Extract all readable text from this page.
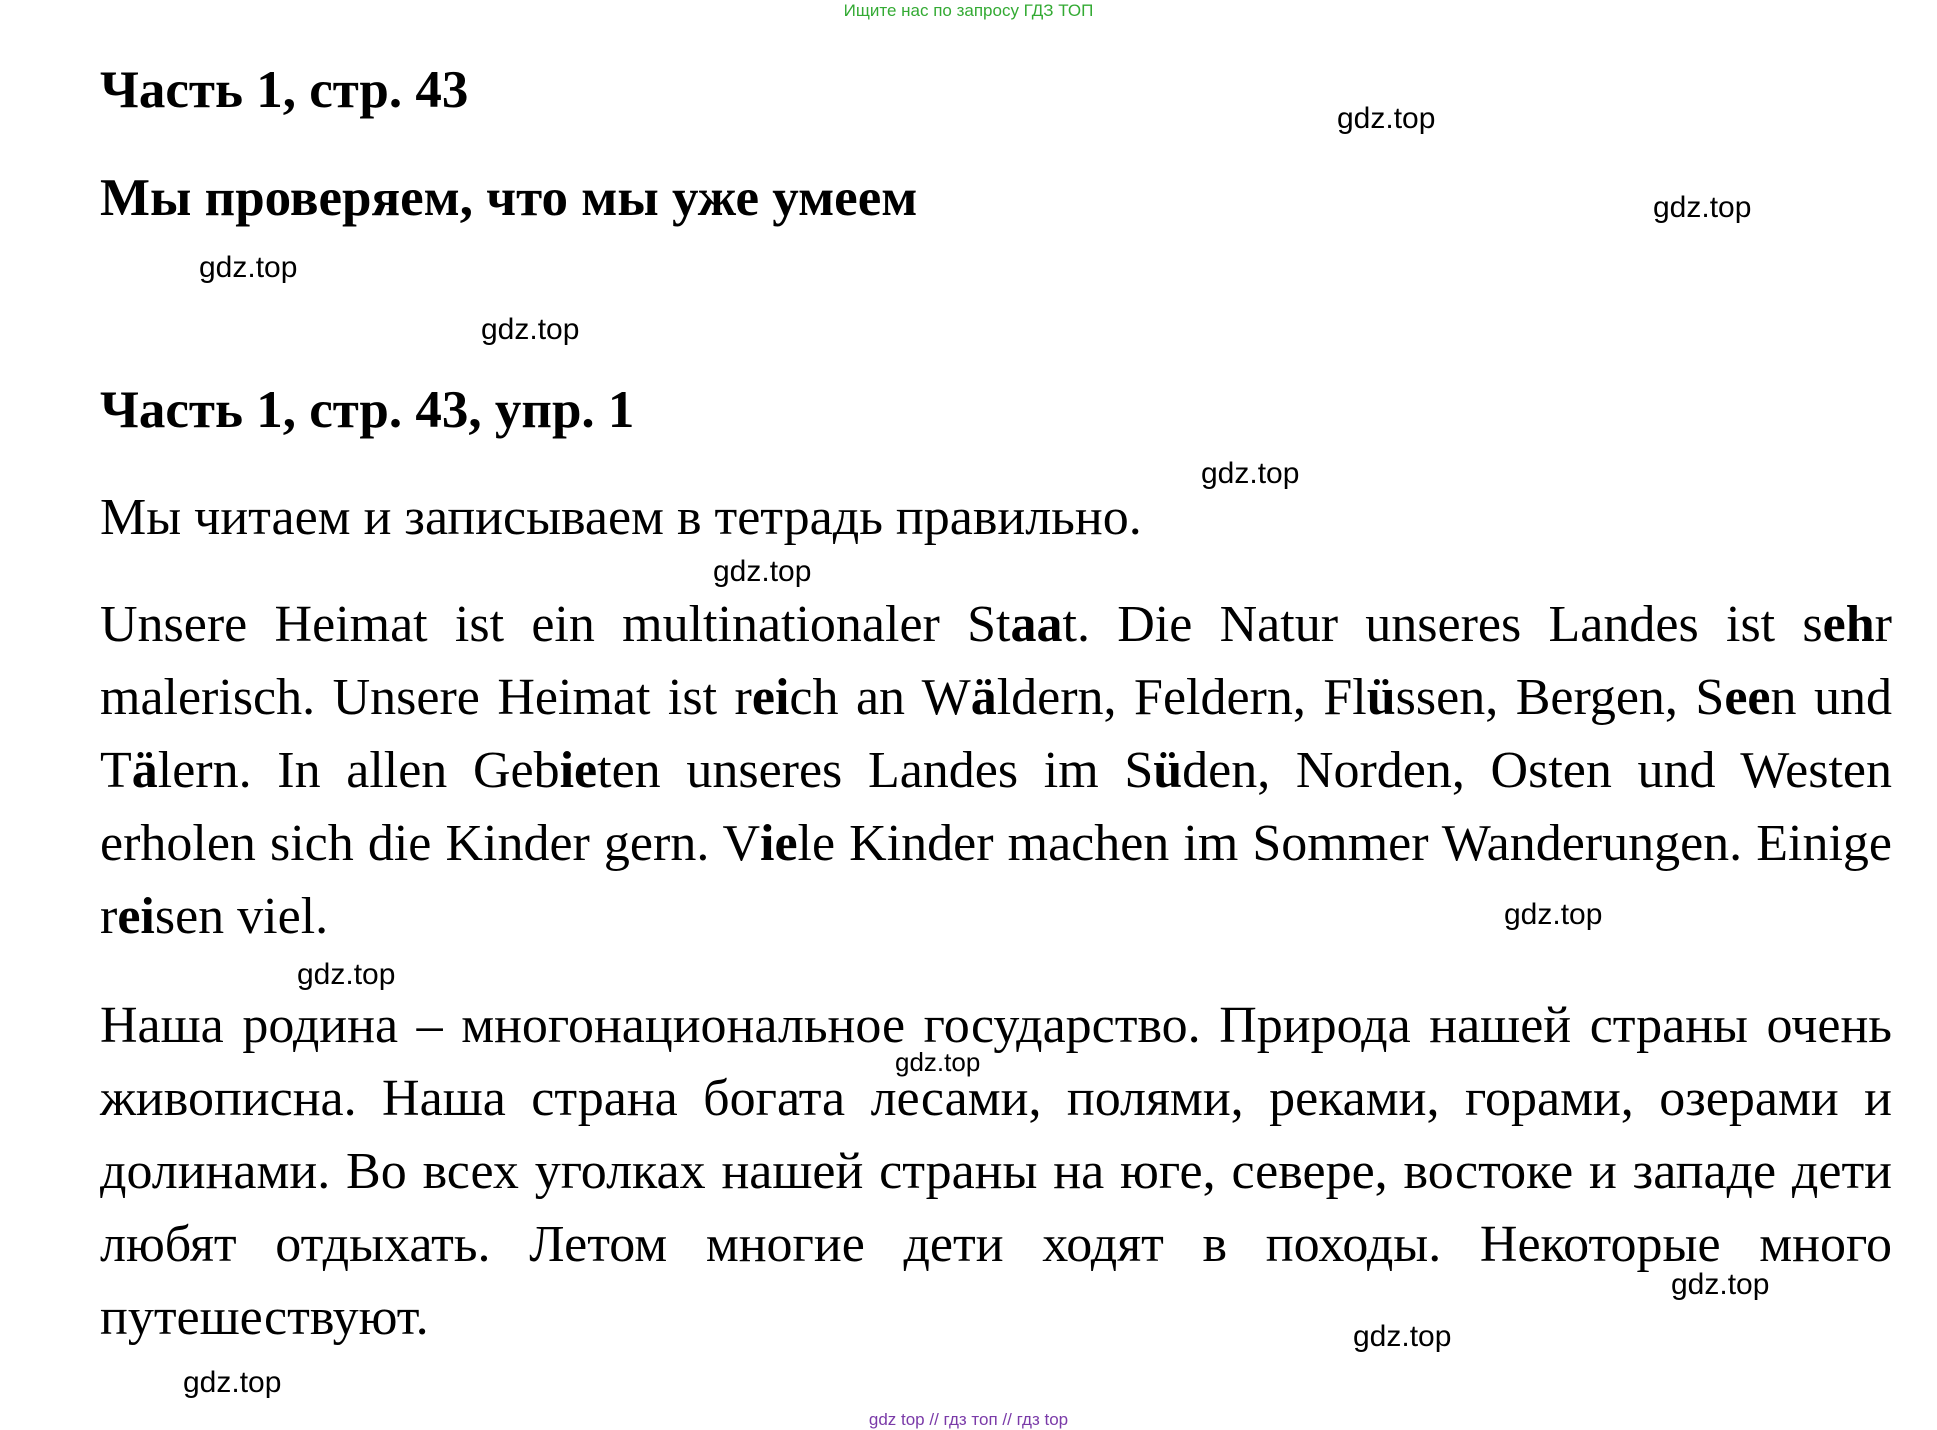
Ищите нас по запросу ГДЗ ТОП
Часть 1, стр. 43
Мы проверяем, что мы уже умеем
Часть 1, стр. 43, упр. 1

Мы читаем и записываем в тетрадь правильно.

Unsere Heimat ist ein multinationaler Staat. Die Natur unseres Landes ist sehr malerisch. Unsere Heimat ist reich an Wäldern, Feldern, Flüssen, Bergen, Seen und Tälern. In allen Gebieten unseres Landes im Süden, Norden, Osten und Westen erholen sich die Kinder gern. Viele Kinder machen im Sommer Wanderungen. Einige reisen viel.

Наша родина – многонациональное государство. Природа нашей страны очень живописна. Наша страна богата лесами, полями, реками, горами, озерами и долинами. Во всех уголках нашей страны на юге, севере, востоке и западе дети любят отдыхать. Летом многие дети ходят в походы. Некоторые много путешествуют.

gdz.top
gdz.top
gdz.top
gdz.top
gdz.top
gdz.top
gdz.top
gdz.top
gdz.top
gdz.top
gdz.top
gdz.top
gdz top // гдз топ // гдз top
